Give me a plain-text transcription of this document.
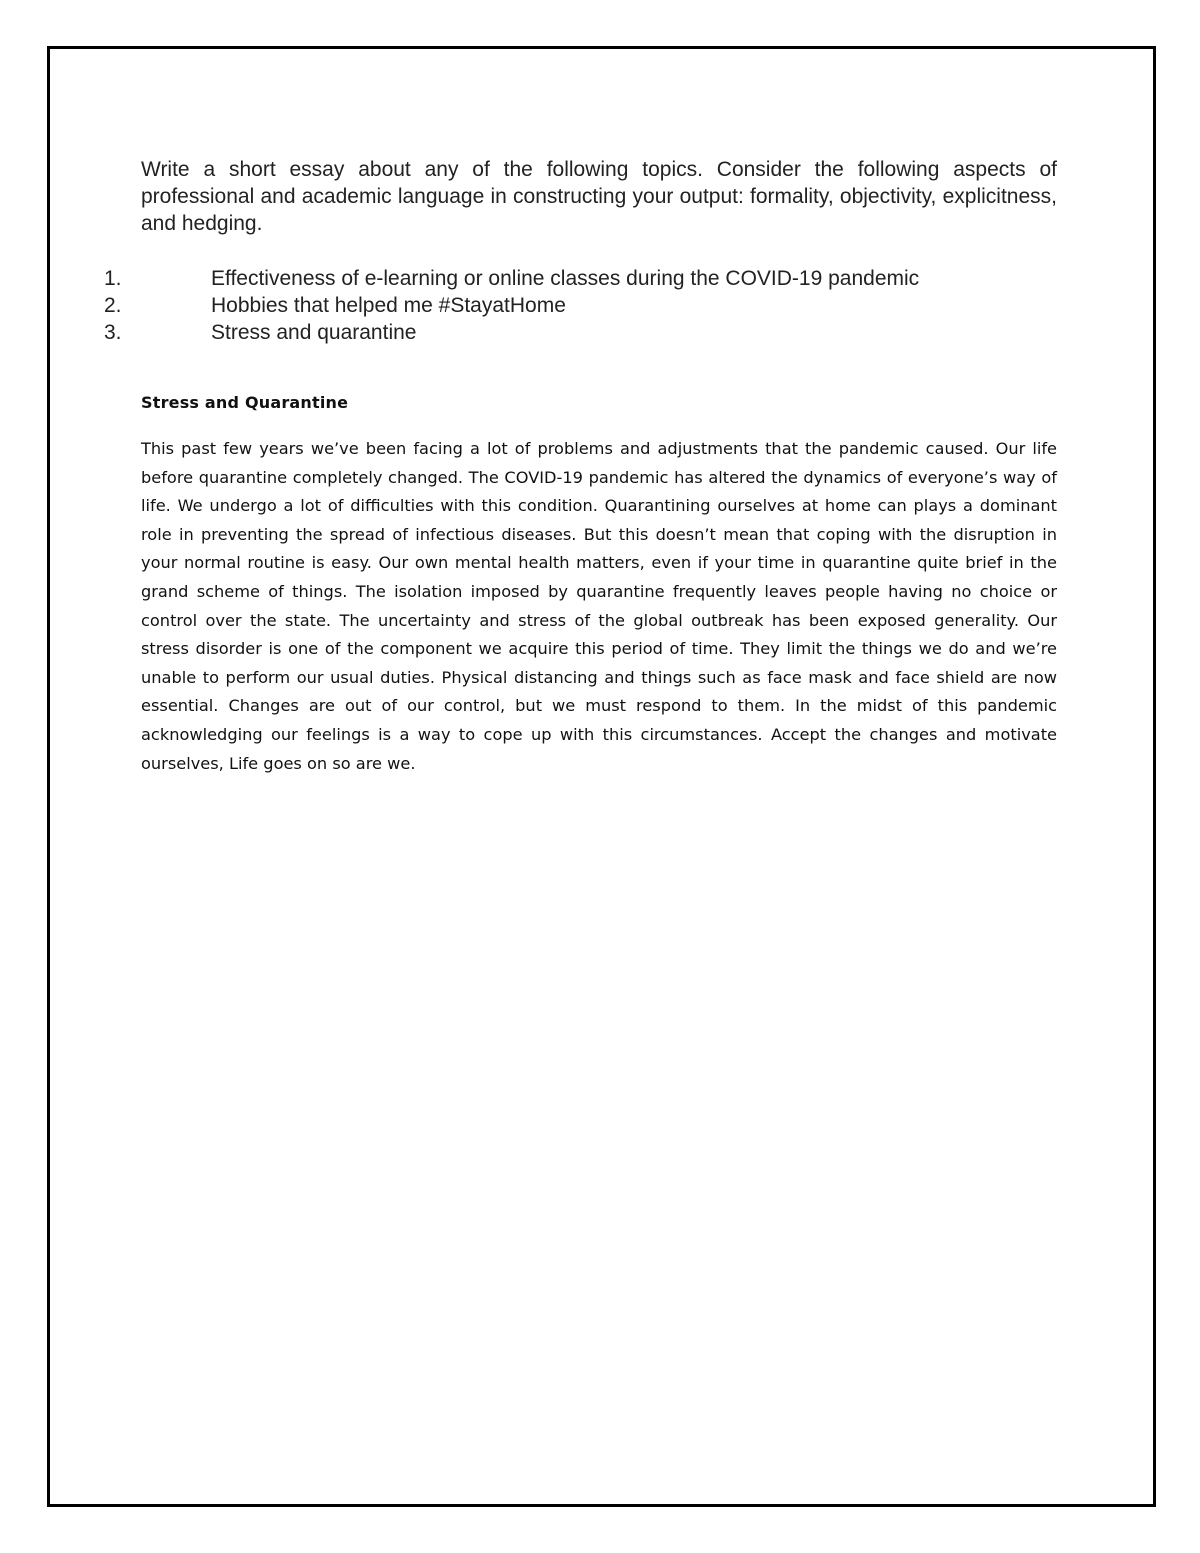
Write a short essay about any of the following topics. Consider the following aspects of professional and academic language in constructing your output: formality, objectivity, explicitness, and hedging.

1.	Effectiveness of e-learning or online classes during the COVID-19 pandemic
2.	Hobbies that helped me #StayatHome
3.	Stress and quarantine
Stress and Quarantine

This past few years we’ve been facing a lot of problems and adjustments that the pandemic caused. Our life before quarantine completely changed. The COVID-19 pandemic has altered the dynamics of everyone’s way of life. We undergo a lot of difficulties with this condition. Quarantining ourselves at home can plays a dominant role in preventing the spread of infectious diseases. But this doesn’t mean that coping with the disruption in your normal routine is easy. Our own mental health matters, even if your time in quarantine quite brief in the grand scheme of things. The isolation imposed by quarantine frequently leaves people having no choice or control over the state. The uncertainty and stress of the global outbreak has been exposed generality. Our stress disorder is one of the component we acquire this period of time. They limit the things we do and we’re unable to perform our usual duties. Physical distancing and things such as face mask and face shield are now essential. Changes are out of our control, but we must respond to them. In the midst of this pandemic acknowledging our feelings is a way to cope up with this circumstances. Accept the changes and motivate ourselves, Life goes on so are we.
